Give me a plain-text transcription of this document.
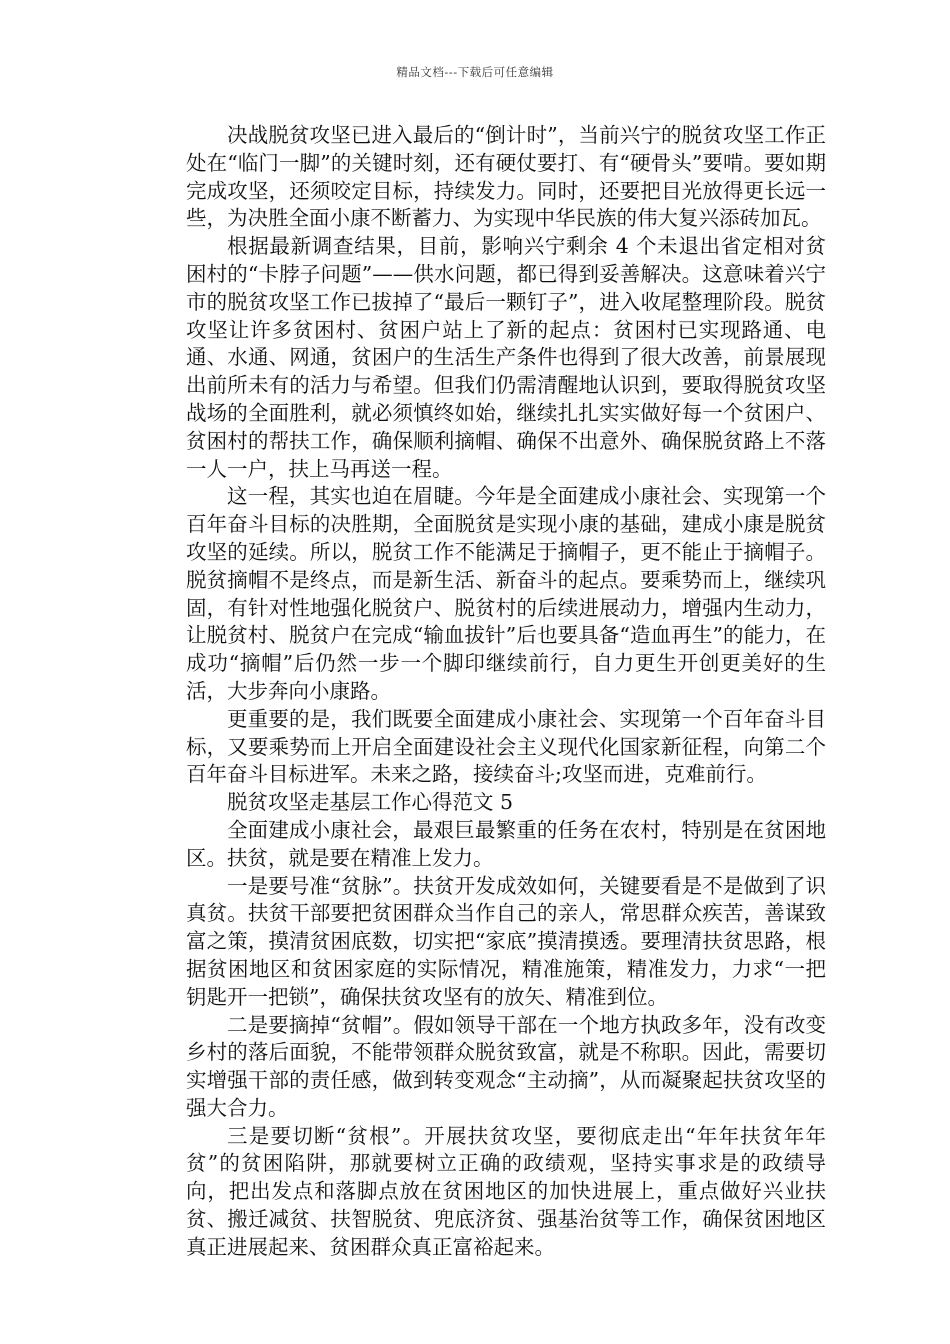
精品文档---下载后可任意编辑

决战脱贫攻坚已进入最后的“倒计时”，当前兴宁的脱贫攻坚工作正处在“临门一脚”的关键时刻，还有硬仗要打、有“硬骨头”要啃。要如期完成攻坚，还须咬定目标，持续发力。同时，还要把目光放得更长远一些，为决胜全面小康不断蓄力、为实现中华民族的伟大复兴添砖加瓦。

根据最新调查结果，目前，影响兴宁剩余 4 个未退出省定相对贫困村的“卡脖子问题”——供水问题，都已得到妥善解决。这意味着兴宁市的脱贫攻坚工作已拔掉了“最后一颗钉子”，进入收尾整理阶段。脱贫攻坚让许多贫困村、贫困户站上了新的起点：贫困村已实现路通、电通、水通、网通，贫困户的生活生产条件也得到了很大改善，前景展现出前所未有的活力与希望。但我们仍需清醒地认识到，要取得脱贫攻坚战场的全面胜利，就必须慎终如始，继续扎扎实实做好每一个贫困户、贫困村的帮扶工作，确保顺利摘帽、确保不出意外、确保脱贫路上不落一人一户，扶上马再送一程。

这一程，其实也迫在眉睫。今年是全面建成小康社会、实现第一个百年奋斗目标的决胜期，全面脱贫是实现小康的基础，建成小康是脱贫攻坚的延续。所以，脱贫工作不能满足于摘帽子，更不能止于摘帽子。脱贫摘帽不是终点，而是新生活、新奋斗的起点。要乘势而上，继续巩固，有针对性地强化脱贫户、脱贫村的后续进展动力，增强内生动力，让脱贫村、脱贫户在完成“输血拔针”后也要具备“造血再生”的能力，在成功“摘帽”后仍然一步一个脚印继续前行，自力更生开创更美好的生活，大步奔向小康路。

更重要的是，我们既要全面建成小康社会、实现第一个百年奋斗目标，又要乘势而上开启全面建设社会主义现代化国家新征程，向第二个百年奋斗目标进军。未来之路，接续奋斗;攻坚而进，克难前行。

脱贫攻坚走基层工作心得范文 5

全面建成小康社会，最艰巨最繁重的任务在农村，特别是在贫困地区。扶贫，就是要在精准上发力。

一是要号准“贫脉”。扶贫开发成效如何，关键要看是不是做到了识真贫。扶贫干部要把贫困群众当作自己的亲人，常思群众疾苦，善谋致富之策，摸清贫困底数，切实把“家底”摸清摸透。要理清扶贫思路，根据贫困地区和贫困家庭的实际情况，精准施策，精准发力，力求“一把钥匙开一把锁”，确保扶贫攻坚有的放矢、精准到位。

二是要摘掉“贫帽”。假如领导干部在一个地方执政多年，没有改变乡村的落后面貌，不能带领群众脱贫致富，就是不称职。因此，需要切实增强干部的责任感，做到转变观念“主动摘”，从而凝聚起扶贫攻坚的强大合力。

三是要切断“贫根”。开展扶贫攻坚，要彻底走出“年年扶贫年年贫”的贫困陷阱，那就要树立正确的政绩观，坚持实事求是的政绩导向，把出发点和落脚点放在贫困地区的加快进展上，重点做好兴业扶贫、搬迁减贫、扶智脱贫、兜底济贫、强基治贫等工作，确保贫困地区真正进展起来、贫困群众真正富裕起来。
